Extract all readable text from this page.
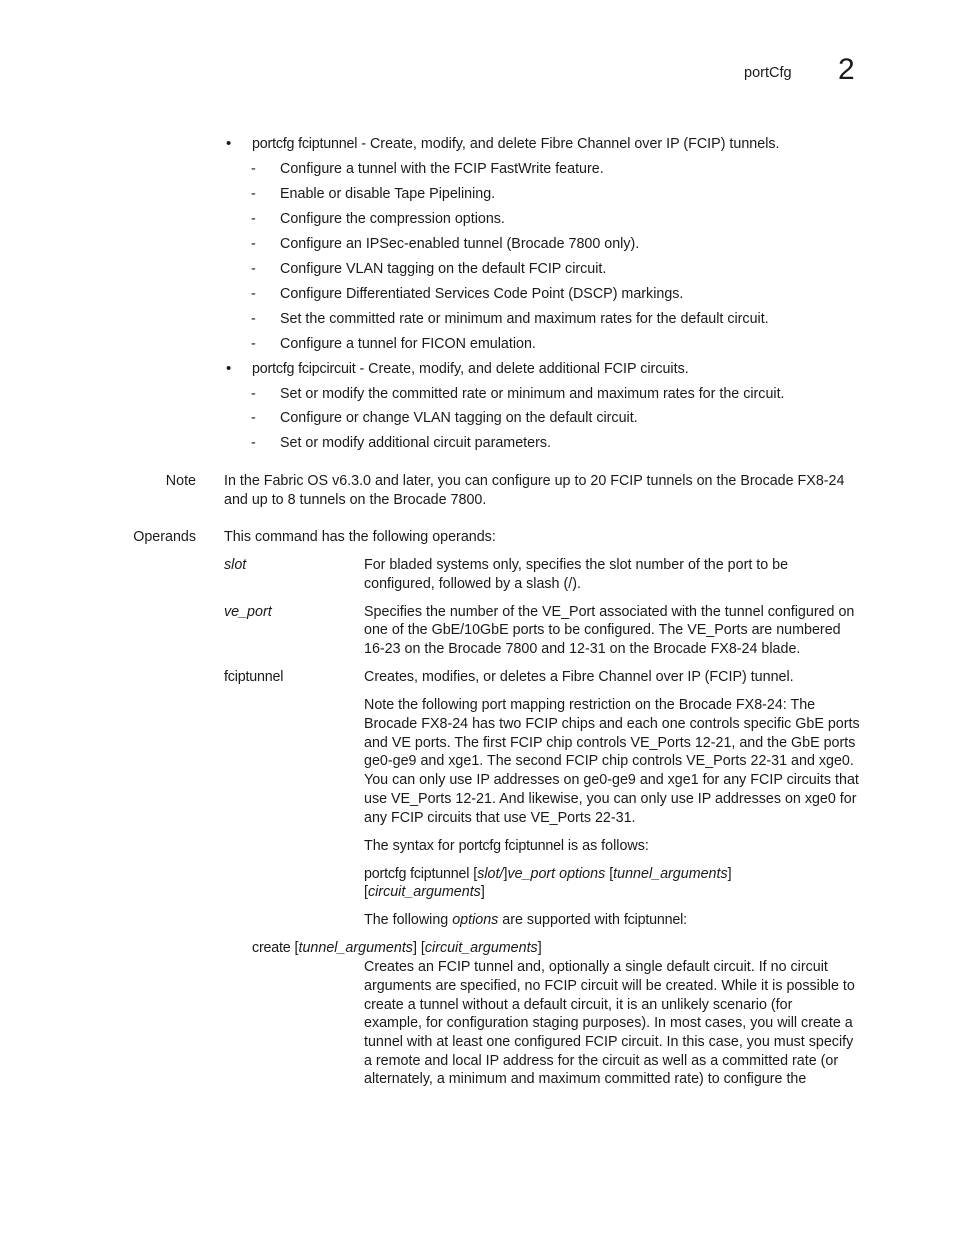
portCfg 2
• portcfg fciptunnel - Create, modify, and delete Fibre Channel over IP (FCIP) tunnels.
- Configure a tunnel with the FCIP FastWrite feature.
- Enable or disable Tape Pipelining.
- Configure the compression options.
- Configure an IPSec-enabled tunnel (Brocade 7800 only).
- Configure VLAN tagging on the default FCIP circuit.
- Configure Differentiated Services Code Point (DSCP) markings.
- Set the committed rate or minimum and maximum rates for the default circuit.
- Configure a tunnel for FICON emulation.
• portcfg fcipcircuit - Create, modify, and delete additional FCIP circuits.
- Set or modify the committed rate or minimum and maximum rates for the circuit.
- Configure or change VLAN tagging on the default circuit.
- Set or modify additional circuit parameters.
Note In the Fabric OS v6.3.0 and later, you can configure up to 20 FCIP tunnels on the Brocade FX8-24
and up to 8 tunnels on the Brocade 7800.
Operands This command has the following operands:
slot	For bladed systems only, specifies the slot number of the port to be
configured, followed by a slash (/).
ve_port	Specifies the number of the VE_Port associated with the tunnel configured on
one of the GbE/10GbE ports to be configured. The VE_Ports are numbered
16-23 on the Brocade 7800 and 12-31 on the Brocade FX8-24 blade.
fciptunnel	Creates, modifies, or deletes a Fibre Channel over IP (FCIP) tunnel.
Note the following port mapping restriction on the Brocade FX8-24: The
Brocade FX8-24 has two FCIP chips and each one controls specific GbE ports
and VE ports. The first FCIP chip controls VE_Ports 12-21, and the GbE ports
ge0-ge9 and xge1. The second FCIP chip controls VE_Ports 22-31 and xge0.
You can only use IP addresses on ge0-ge9 and xge1 for any FCIP circuits that
use VE_Ports 12-21. And likewise, you can only use IP addresses on xge0 for
any FCIP circuits that use VE_Ports 22-31.
The syntax for portcfg fciptunnel is as follows:
portcfg fciptunnel [slot/]ve_port options [tunnel_arguments]
[circuit_arguments]
The following options are supported with fciptunnel:
create [tunnel_arguments] [circuit_arguments]
Creates an FCIP tunnel and, optionally a single default circuit. If no circuit
arguments are specified, no FCIP circuit will be created. While it is possible to
create a tunnel without a default circuit, it is an unlikely scenario (for
example, for configuration staging purposes). In most cases, you will create a
tunnel with at least one configured FCIP circuit. In this case, you must specify
a remote and local IP address for the circuit as well as a committed rate (or
alternately, a minimum and maximum committed rate) to configure the
